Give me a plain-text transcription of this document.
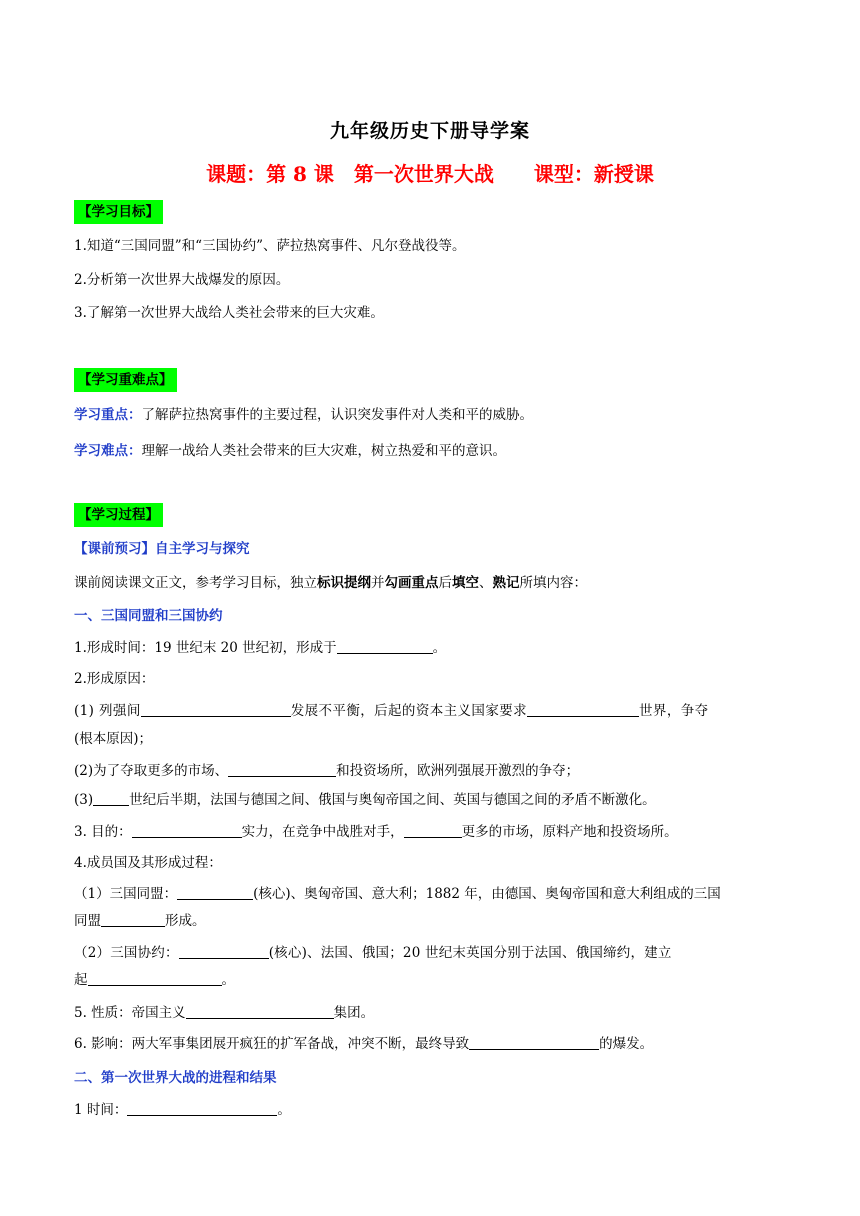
九年级历史下册导学案
课题：第 8 课　第一次世界大战　　 课型：新授课
【学习目标】
1.知道“三国同盟”和“三国协约”、萨拉热窝事件、凡尔登战役等。
2.分析第一次世界大战爆发的原因。
3.了解第一次世界大战给人类社会带来的巨大灾难。
【学习重难点】
学习重点：了解萨拉热窝事件的主要过程，认识突发事件对人类和平的威胁。
学习难点：理解一战给人类社会带来的巨大灾难，树立热爱和平的意识。
【学习过程】
【课前预习】自主学习与探究
课前阅读课文正文，参考学习目标，独立标识提纲并勾画重点后填空、熟记所填内容：
一、三国同盟和三国协约
1.形成时间：19 世纪末 20 世纪初，形成于	。
2.形成原因：
(1) 列强间	发展不平衡，后起的资本主义国家要求	世界，争夺
(根本原因)；
(2)为了夺取更多的市场、	和投资场所，欧洲列强展开激烈的争夺；
(3)	世纪后半期，法国与德国之间、俄国与奥匈帝国之间、英国与德国之间的矛盾不断激化。
3. 目的：	实力，在竞争中战胜对手，	更多的市场，原料产地和投资场所。
4.成员国及其形成过程：
（1）三国同盟：	(核心)、奥匈帝国、意大利；1882 年，由德国、奥匈帝国和意大利组成的三国
同盟	形成。
（2）三国协约：	(核心)、法国、俄国；20 世纪末英国分别于法国、俄国缔约，建立
起	。
5. 性质：帝国主义	集团。
6. 影响：两大军事集团展开疯狂的扩军备战，冲突不断，最终导致	的爆发。
二、第一次世界大战的进程和结果
1 时间：	。
